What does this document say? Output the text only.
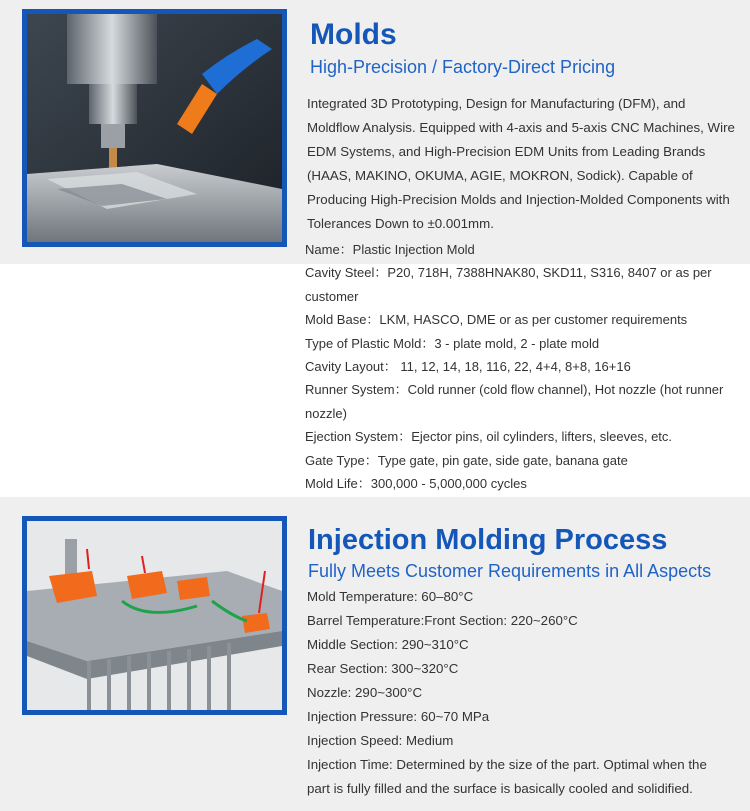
Molds
High-Precision / Factory-Direct Pricing

Integrated 3D Prototyping, Design for Manufacturing (DFM), and Moldflow Analysis. Equipped with 4-axis and 5-axis CNC Machines, Wire EDM Systems, and High-Precision EDM Units from Leading Brands (HAAS, MAKINO, OKUMA, AGIE, MOKRON, Sodick). Capable of Producing High-Precision Molds and Injection-Molded Components with Tolerances Down to ±0.001mm.

Name：Plastic Injection Mold
Cavity Steel：P20, 718H, 7388HNAK80, SKD11, S316, 8407 or as per customer
Mold Base：LKM, HASCO, DME or as per customer requirements
Type of Plastic Mold：3 - plate mold, 2 - plate mold
Cavity Layout： 11, 12, 14, 18, 116, 22, 4+4, 8+8, 16+16
Runner System：Cold runner (cold flow channel), Hot nozzle (hot runner nozzle)
Ejection System：Ejector pins, oil cylinders, lifters, sleeves, etc.
Gate Type：Type gate, pin gate, side gate, banana gate
Mold Life：300,000 - 5,000,000 cycles
Injection Molding Process
Fully Meets Customer Requirements in All Aspects
Mold Temperature: 60–80°C
Barrel Temperature:Front Section: 220~260°C
Middle Section: 290~310°C
Rear Section: 300~320°C
Nozzle: 290~300°C
Injection Pressure: 60~70 MPa
Injection Speed: Medium
Injection Time: Determined by the size of the part. Optimal when the part is fully filled and the surface is basically cooled and solidified.
